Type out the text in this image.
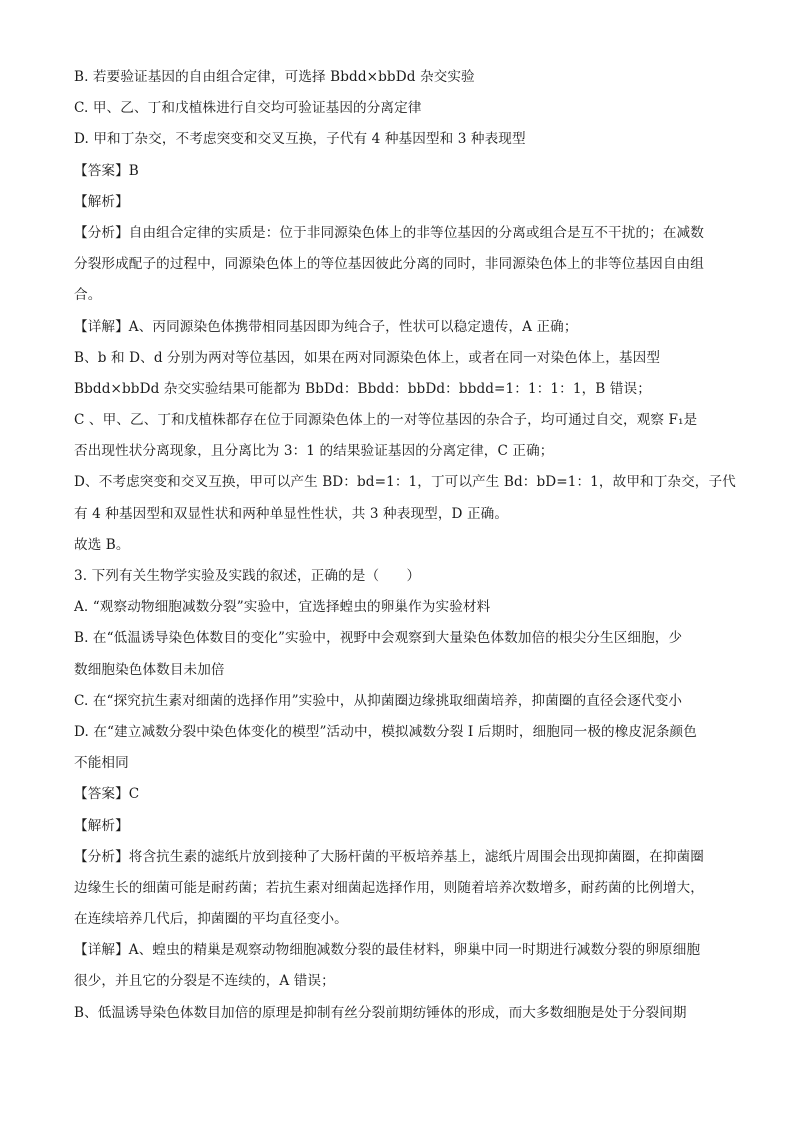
B. 若要验证基因的自由组合定律，可选择 Bbdd×bbDd 杂交实验
C. 甲、乙、丁和戊植株进行自交均可验证基因的分离定律
D. 甲和丁杂交，不考虑突变和交叉互换，子代有 4 种基因型和 3 种表现型
【答案】B
【解析】
【分析】自由组合定律的实质是：位于非同源染色体上的非等位基因的分离或组合是互不干扰的；在减数
分裂形成配子的过程中，同源染色体上的等位基因彼此分离的同时，非同源染色体上的非等位基因自由组
合。
【详解】A、丙同源染色体携带相同基因即为纯合子，性状可以稳定遗传，A 正确；
B、b 和 D、d 分别为两对等位基因，如果在两对同源染色体上，或者在同一对染色体上，基因型
Bbdd×bbDd 杂交实验结果可能都为 BbDd：Bbdd：bbDd：bbdd=1：1：1：1，B 错误；
C 、甲、乙、丁和戊植株都存在位于同源染色体上的一对等位基因的杂合子，均可通过自交，观察 F₁是
否出现性状分离现象，且分离比为 3：1 的结果验证基因的分离定律，C 正确；
D、不考虑突变和交叉互换，甲可以产生 BD：bd=1：1，丁可以产生 Bd：bD=1：1，故甲和丁杂交，子代
有 4 种基因型和双显性状和两种单显性性状，共 3 种表现型，D 正确。
故选 B。
3. 下列有关生物学实验及实践的叙述，正确的是（　　）
A. “观察动物细胞减数分裂”实验中，宜选择蝗虫的卵巢作为实验材料
B. 在“低温诱导染色体数目的变化”实验中，视野中会观察到大量染色体数加倍的根尖分生区细胞，少
数细胞染色体数目未加倍
C. 在“探究抗生素对细菌的选择作用”实验中，从抑菌圈边缘挑取细菌培养，抑菌圈的直径会逐代变小
D. 在“建立减数分裂中染色体变化的模型”活动中，模拟减数分裂 I 后期时，细胞同一极的橡皮泥条颜色
不能相同
【答案】C
【解析】
【分析】将含抗生素的滤纸片放到接种了大肠杆菌的平板培养基上，滤纸片周围会出现抑菌圈，在抑菌圈
边缘生长的细菌可能是耐药菌；若抗生素对细菌起选择作用，则随着培养次数增多，耐药菌的比例增大，
在连续培养几代后，抑菌圈的平均直径变小。
【详解】A、蝗虫的精巢是观察动物细胞减数分裂的最佳材料，卵巢中同一时期进行减数分裂的卵原细胞
很少，并且它的分裂是不连续的，A 错误；
B、低温诱导染色体数目加倍的原理是抑制有丝分裂前期纺锤体的形成，而大多数细胞是处于分裂间期
